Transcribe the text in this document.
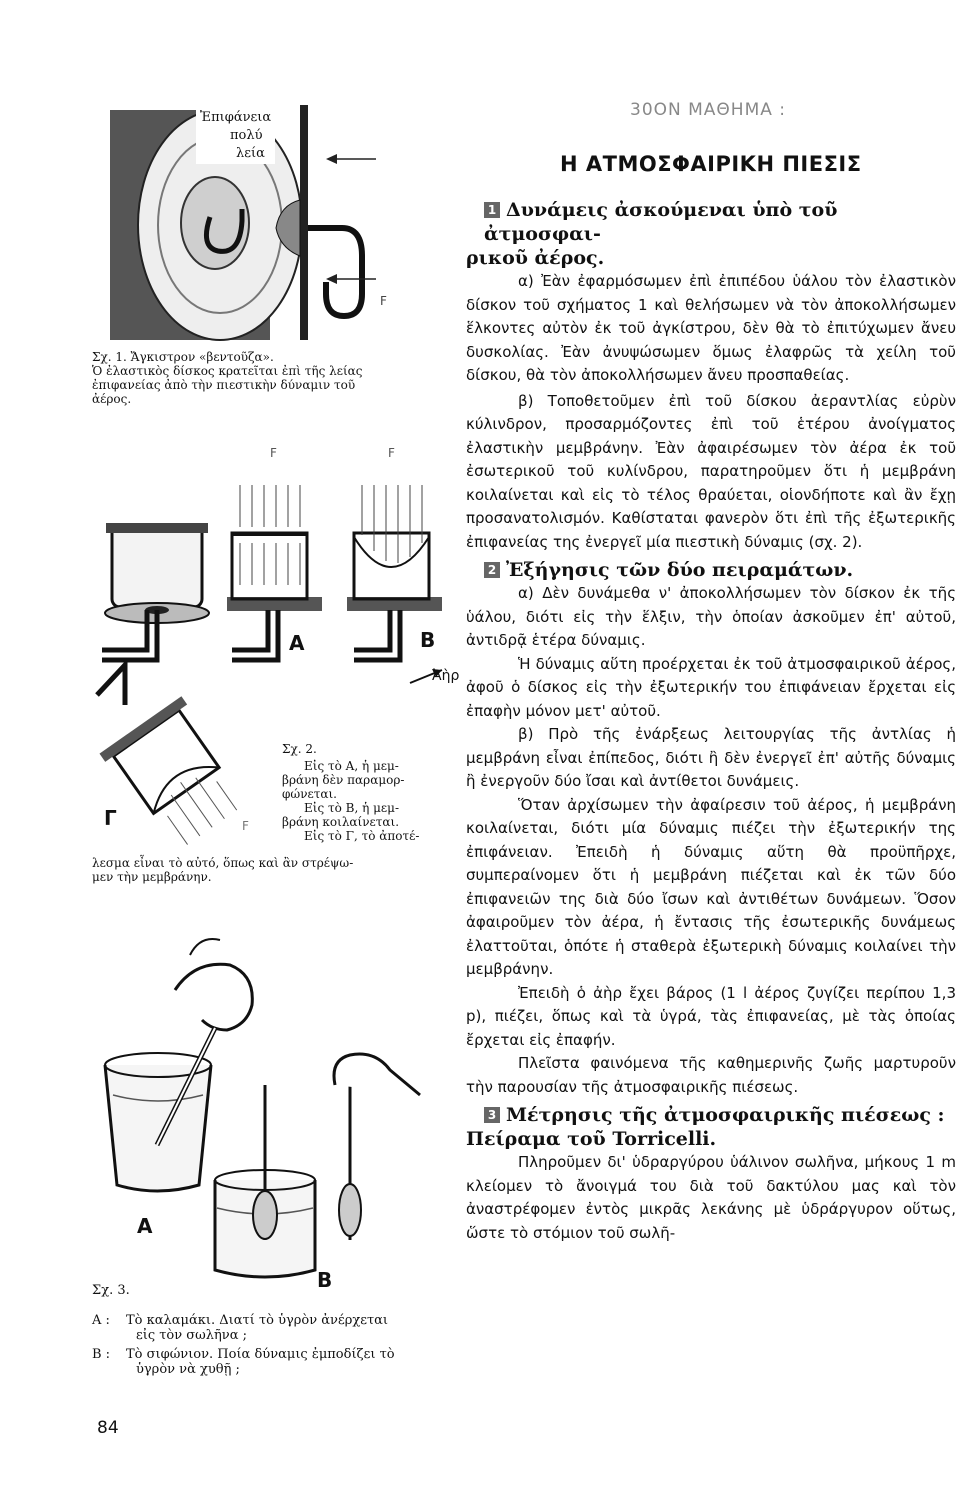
F
Ἐπιφάνεια
πολύ
λεία
Σχ. 1. Ἄγκιστρον «βεντοῦζα».
Ὁ ἐλαστικὸς δίσκος κρατεῖται ἐπὶ τῆς λείας
ἐπιφανείας ἀπὸ τὴν πιεστικὴν δύναμιν τοῦ
ἀέρος.
F
Α
F
Β
Ἀὴρ
Γ	F
Σχ. 2.
Εἰς τὸ Α, ἡ μεμ-
βράνη δὲν παραμορ-
φώνεται.
Εἰς τὸ Β, ἡ μεμ-
βράνη κοιλαίνεται.
Εἰς τὸ Γ, τὸ ἀποτέ-
λεσμα εἶναι τὸ αὐτό, ὅπως καὶ ἂν στρέψω-
μεν τὴν μεμβράνην.
Α
Β
Σχ. 3.
Α :	Τὸ καλαμάκι. Διατί τὸ ὑγρὸν ἀνέρχεται
εἰς τὸν σωλῆνα ;
Β :	Τὸ σιφώνιον. Ποία δύναμις ἐμποδίζει τὸ
ὑγρὸν νὰ χυθῇ ;
84
30ΟΝ ΜΑΘΗΜΑ :
Η ΑΤΜΟΣΦΑΙΡΙΚΗ ΠΙΕΣΙΣ
1 Δυνάμεις ἀσκούμεναι ὑπὸ τοῦ ἀτμοσφαι-
ρικοῦ ἀέρος.
α) Ἐὰν ἐφαρμόσωμεν ἐπὶ ἐπιπέδου ὑάλου τὸν ἐλαστικὸν δίσκον τοῦ σχήματος 1 καὶ θελήσωμεν νὰ τὸν ἀποκολλήσωμεν ἕλκοντες αὐτὸν ἐκ τοῦ ἀγκίστρου, δὲν θὰ τὸ ἐπιτύχωμεν ἄνευ δυσκολίας. Ἐὰν ἀνυψώσωμεν ὅμως ἐλαφρῶς τὰ χείλη τοῦ δίσκου, θὰ τὸν ἀποκολλήσωμεν ἄνευ προσπαθείας.
β) Τοποθετοῦμεν ἐπὶ τοῦ δίσκου ἀεραντλίας εὐρὺν κύλινδρον, προσαρμόζοντες ἐπὶ τοῦ ἑτέρου ἀνοίγματος ἐλαστικὴν μεμβράνην. Ἐὰν ἀφαιρέσωμεν τὸν ἀέρα ἐκ τοῦ ἐσωτερικοῦ τοῦ κυλίνδρου, παρατηροῦμεν ὅτι ἡ μεμβράνη κοιλαίνεται καὶ εἰς τὸ τέλος θραύεται, οἱονδήποτε καὶ ἂν ἔχῃ προσανατολισμόν. Καθίσταται φανερὸν ὅτι ἐπὶ τῆς ἐξωτερικῆς ἐπιφανείας της ἐνεργεῖ μία πιεστικὴ δύναμις (σχ. 2).
2 Ἐξήγησις τῶν δύο πειραμάτων.
α) Δὲν δυνάμεθα ν' ἀποκολλήσωμεν τὸν δίσκον ἐκ τῆς ὑάλου, διότι εἰς τὴν ἕλξιν, τὴν ὁποίαν ἀσκοῦμεν ἐπ' αὐτοῦ, ἀντιδρᾷ ἑτέρα δύναμις.
Ἡ δύναμις αὕτη προέρχεται ἐκ τοῦ ἀτμοσφαιρικοῦ ἀέρος, ἀφοῦ ὁ δίσκος εἰς τὴν ἐξωτερικήν του ἐπιφάνειαν ἔρχεται εἰς ἐπαφὴν μόνον μετ' αὐτοῦ.
β) Πρὸ τῆς ἐνάρξεως λειτουργίας τῆς ἀντλίας ἡ μεμβράνη εἶναι ἐπίπεδος, διότι ἢ δὲν ἐνεργεῖ ἐπ' αὐτῆς δύναμις ἢ ἐνεργοῦν δύο ἴσαι καὶ ἀντίθετοι δυνάμεις.
Ὅταν ἀρχίσωμεν τὴν ἀφαίρεσιν τοῦ ἀέρος, ἡ μεμβράνη κοιλαίνεται, διότι μία δύναμις πιέζει τὴν ἐξωτερικήν της ἐπιφάνειαν. Ἐπειδὴ ἡ δύναμις αὕτη θὰ προϋπῆρχε, συμπεραίνομεν ὅτι ἡ μεμβράνη πιέζεται καὶ ἐκ τῶν δύο ἐπιφανειῶν της διὰ δύο ἴσων καὶ ἀντιθέτων δυνάμεων. Ὅσον ἀφαιροῦμεν τὸν ἀέρα, ἡ ἔντασις τῆς ἐσωτερικῆς δυνάμεως ἐλαττοῦται, ὁπότε ἡ σταθερὰ ἐξωτερικὴ δύναμις κοιλαίνει τὴν μεμβράνην.
Ἐπειδὴ ὁ ἀὴρ ἔχει βάρος (1 l ἀέρος ζυγίζει περίπου 1,3 p), πιέζει, ὅπως καὶ τὰ ὑγρά, τὰς ἐπιφανείας, μὲ τὰς ὁποίας ἔρχεται εἰς ἐπαφήν.
Πλεῖστα φαινόμενα τῆς καθημερινῆς ζωῆς μαρτυροῦν τὴν παρουσίαν τῆς ἀτμοσφαιρικῆς πιέσεως.
3 Μέτρησις τῆς ἀτμοσφαιρικῆς πιέσεως :
Πείραμα τοῦ Torricelli.
Πληροῦμεν δι' ὑδραργύρου ὑάλινον σωλῆνα, μήκους 1 m κλείομεν τὸ ἄνοιγμά του διὰ τοῦ δακτύλου μας καὶ τὸν ἀναστρέφομεν ἐντὸς μικρᾶς λεκάνης μὲ ὑδράργυρον οὕτως, ὥστε τὸ στόμιον τοῦ σωλῆ-
